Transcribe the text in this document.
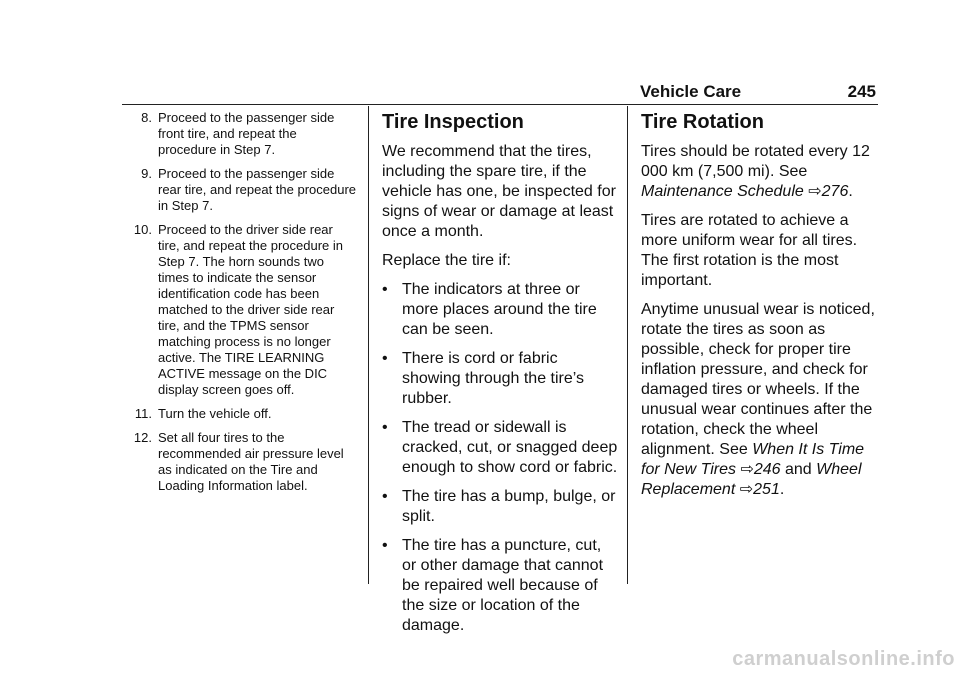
Vehicle Care	245
8. Proceed to the passenger side front tire, and repeat the procedure in Step 7.
9. Proceed to the passenger side rear tire, and repeat the procedure in Step 7.
10. Proceed to the driver side rear tire, and repeat the procedure in Step 7. The horn sounds two times to indicate the sensor identification code has been matched to the driver side rear tire, and the TPMS sensor matching process is no longer active. The TIRE LEARNING ACTIVE message on the DIC display screen goes off.
11. Turn the vehicle off.
12. Set all four tires to the recommended air pressure level as indicated on the Tire and Loading Information label.
Tire Inspection

We recommend that the tires, including the spare tire, if the vehicle has one, be inspected for signs of wear or damage at least once a month.

Replace the tire if:

• The indicators at three or more places around the tire can be seen.
• There is cord or fabric showing through the tire’s rubber.
• The tread or sidewall is cracked, cut, or snagged deep enough to show cord or fabric.
• The tire has a bump, bulge, or split.
• The tire has a puncture, cut, or other damage that cannot be repaired well because of the size or location of the damage.
Tire Rotation

Tires should be rotated every 12 000 km (7,500 mi). See Maintenance Schedule ⇨276.

Tires are rotated to achieve a more uniform wear for all tires. The first rotation is the most important.

Anytime unusual wear is noticed, rotate the tires as soon as possible, check for proper tire inflation pressure, and check for damaged tires or wheels. If the unusual wear continues after the rotation, check the wheel alignment. See When It Is Time for New Tires ⇨246 and Wheel Replacement ⇨251.

carmanualsonline.info
